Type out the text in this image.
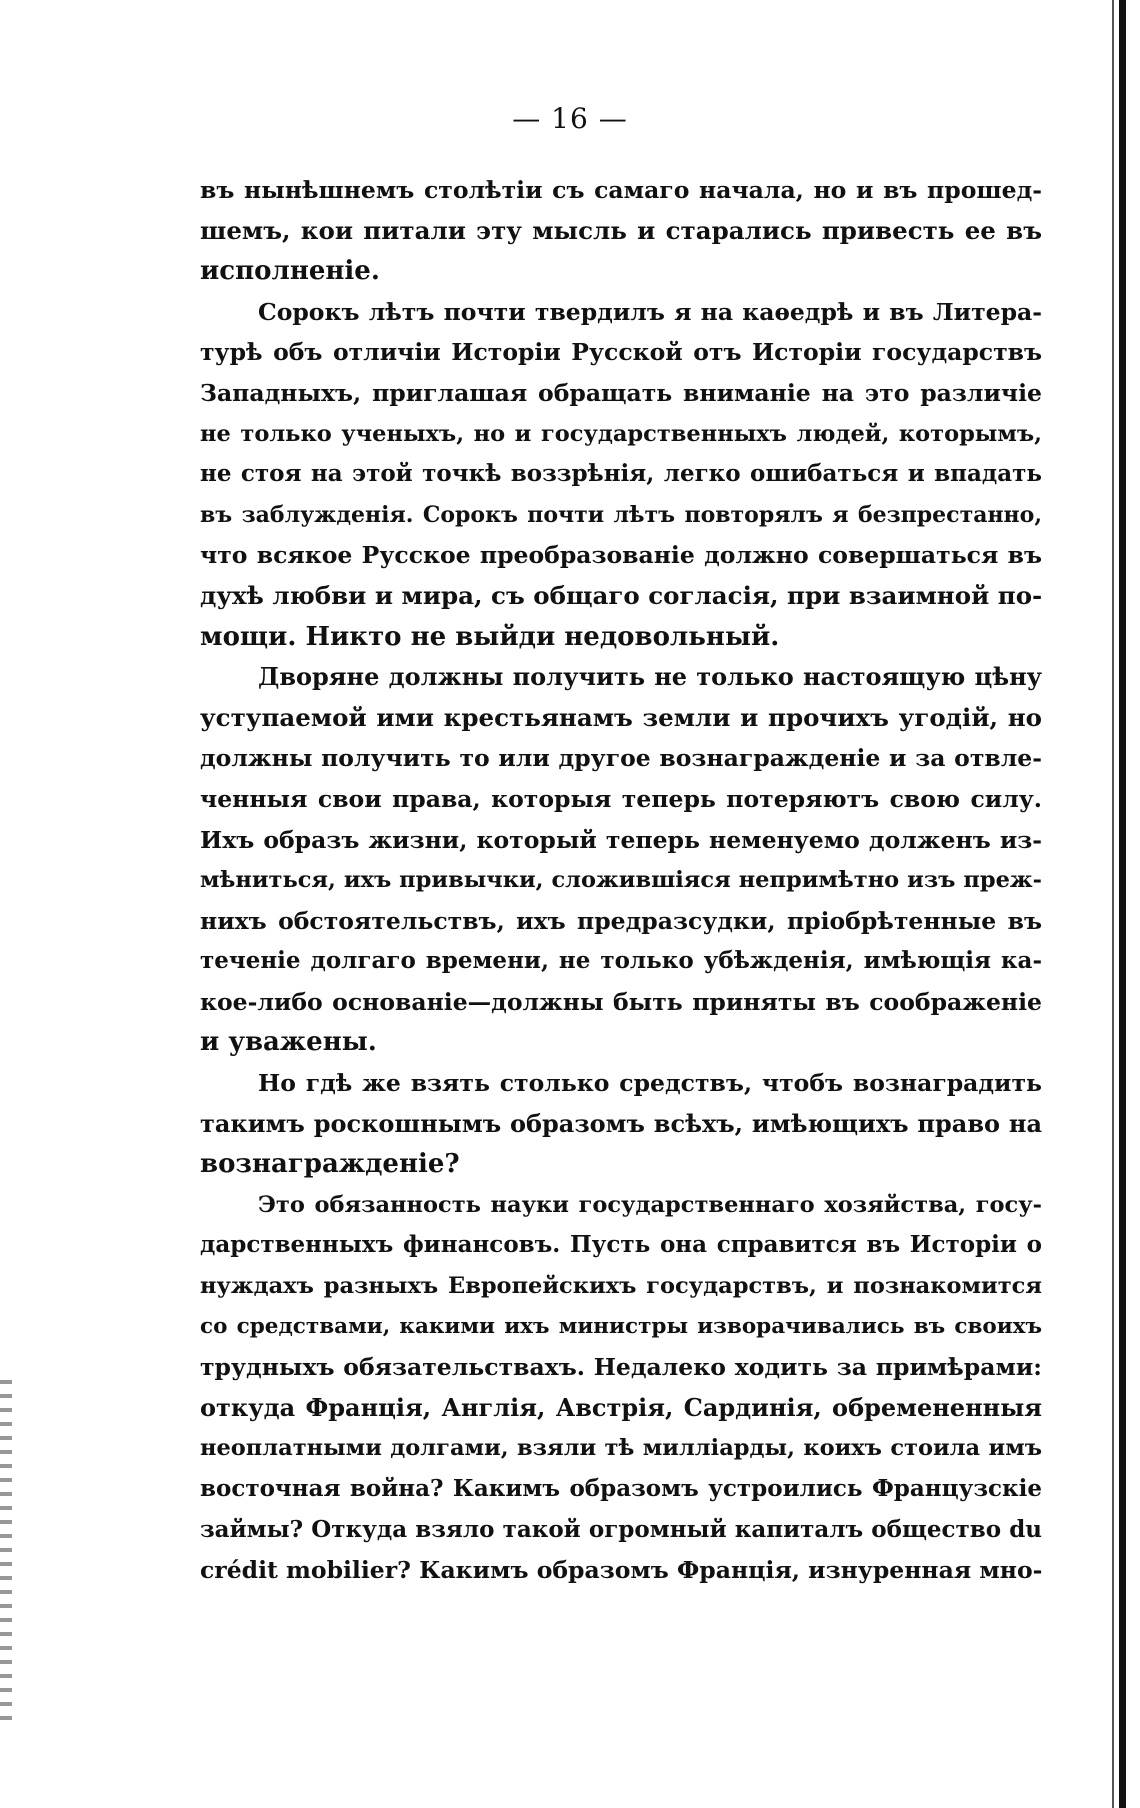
— 16 —
въ нынѣшнемъ столѣтіи съ самаго начала, но и въ прошед-
шемъ, кои питали эту мысль и старались привесть ее въ
исполненіе.
Сорокъ лѣтъ почти твердилъ я на каѳедрѣ и въ Литера-
турѣ объ отличіи Исторіи Русской отъ Исторіи государствъ
Западныхъ, приглашая обращать вниманіе на это различіе
не только ученыхъ, но и государственныхъ людей, которымъ,
не стоя на этой точкѣ воззрѣнія, легко ошибаться и впадать
въ заблужденія. Сорокъ почти лѣтъ повторялъ я безпрестанно,
что всякое Русское преобразованіе должно совершаться въ
духѣ любви и мира, съ общаго согласія, при взаимной по-
мощи. Никто не выйди недовольный.
Дворяне должны получить не только настоящую цѣну
уступаемой ими крестьянамъ земли и прочихъ угодій, но
должны получить то или другое вознагражденіе и за отвле-
ченныя свои права, которыя теперь потеряютъ свою силу.
Ихъ образъ жизни, который теперь неменуемо долженъ из-
мѣниться, ихъ привычки, сложившіяся непримѣтно изъ преж-
нихъ обстоятельствъ, ихъ предразсудки, пріобрѣтенные въ
теченіе долгаго времени, не только убѣжденія, имѣющія ка-
кое-либо основаніе—должны быть приняты въ соображеніе
и уважены.
Но гдѣ же взять столько средствъ, чтобъ вознаградить
такимъ роскошнымъ образомъ всѣхъ, имѣющихъ право на
вознагражденіе?
Это обязанность науки государственнаго хозяйства, госу-
дарственныхъ финансовъ. Пусть она справится въ Исторіи о
нуждахъ разныхъ Европейскихъ государствъ, и познакомится
со средствами, какими ихъ министры изворачивались въ своихъ
трудныхъ обязательствахъ. Недалеко ходить за примѣрами:
откуда Франція, Англія, Австрія, Сардинія, обремененныя
неоплатными долгами, взяли тѣ милліарды, коихъ стоила имъ
восточная война? Какимъ образомъ устроились Французскіе
займы? Откуда взяло такой огромный капиталъ общество du
crédit mobilier? Какимъ образомъ Франція, изнуренная мно-
